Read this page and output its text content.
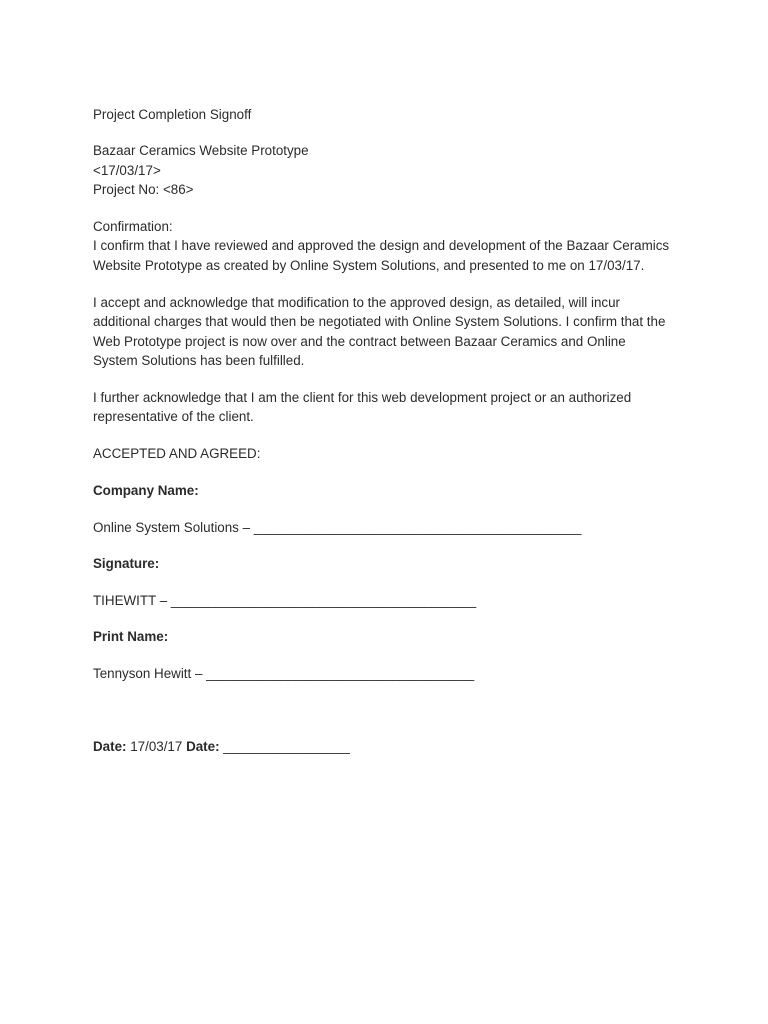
Project Completion Signoff
Bazaar Ceramics Website Prototype
<17/03/17>
Project No: <86>
Confirmation:
I confirm that I have reviewed and approved the design and development of the Bazaar Ceramics
Website Prototype as created by Online System Solutions, and presented to me on 17/03/17.
I accept and acknowledge that modification to the approved design, as detailed, will incur
additional charges that would then be negotiated with Online System Solutions. I confirm that the
Web Prototype project is now over and the contract between Bazaar Ceramics and Online
System Solutions has been fulfilled.
I further acknowledge that I am the client for this web development project or an authorized
representative of the client.
ACCEPTED AND AGREED:
Company Name:
Online System Solutions – ____________________________________________
Signature:
TIHEWITT – _________________________________________
Print Name:
Tennyson Hewitt – ____________________________________
Date: 17/03/17 Date: _________________
